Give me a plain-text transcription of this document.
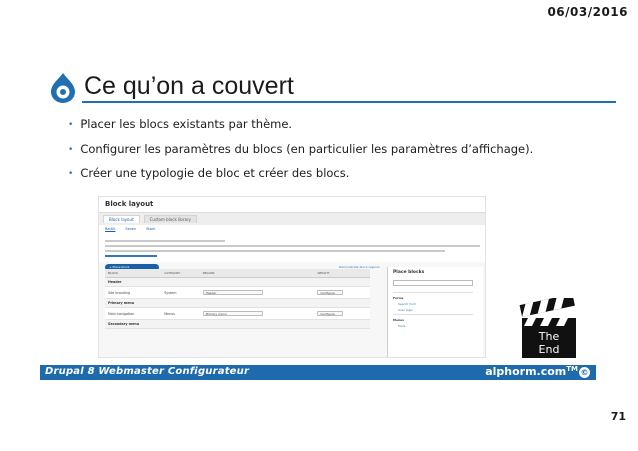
06/03/2016
Ce qu’on a couvert
• Placer les blocs existants par thème.
• Configurer les paramètres du blocs (en particulier les paramètres d’affichage).
• Créer une typologie de bloc et créer des blocs.
Block layout
Block layout	Custom block library
Bartik	Seven	Stark
+ Place block	Demonstrate block regions
BLOCK	CATEGORY	REGION	WEIGHT
Header			
Site branding	System	Header	Configure
Primary menu			
Main navigation	Menus	Primary menu	Configure
Secondary menu			
Place blocks
Forms
Search form
User login
Menus
Tools
The
End
Drupal 8 Webmaster Configurateur	alphorm.com™ ©
71
